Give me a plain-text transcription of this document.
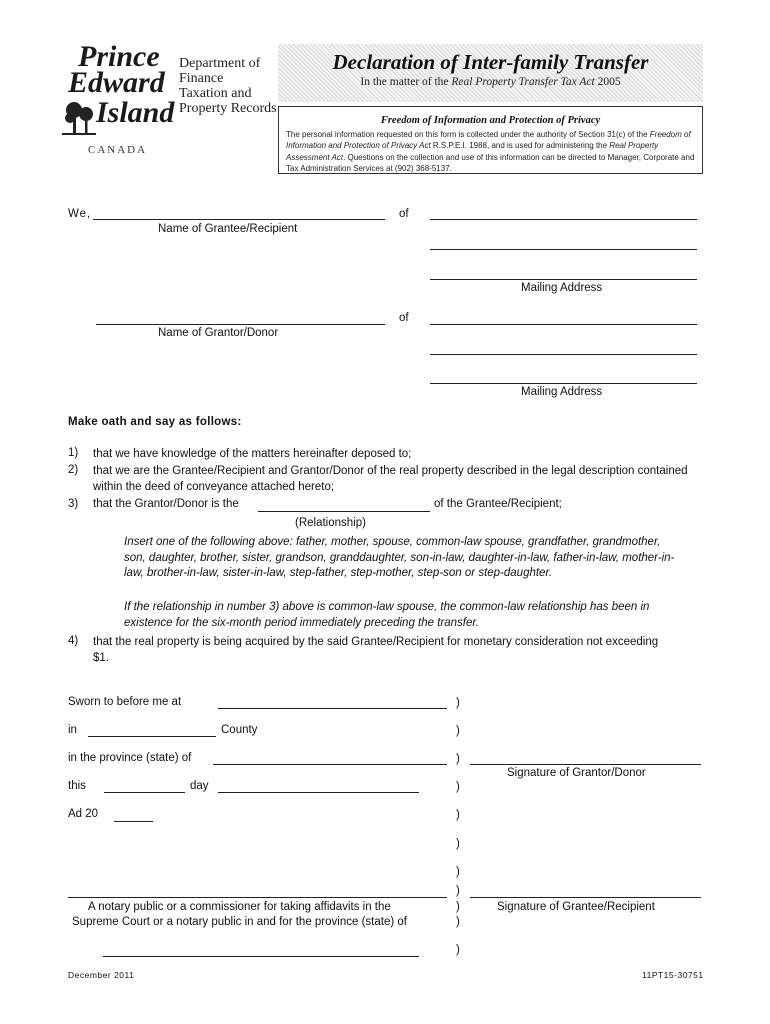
Prince
Edward
Island
CANADA
Department of
Finance
Taxation and
Property Records
Declaration of Inter-family Transfer
In the matter of the Real Property Transfer Tax Act 2005
Freedom of Information and Protection of Privacy
The personal information requested on this form is collected under the authority of Section 31(c) of the Freedom of Information and Protection of Privacy Act R.S.P.E.I. 1988, and is used for administering the Real Property Assessment Act. Questions on the collection and use of this information can be directed to Manager, Corporate and Tax Administration Services at (902) 368-5137.
We,	of
Name of Grantee/Recipient
Mailing Address
of
Name of Grantor/Donor
Mailing Address
Make oath and say as follows:
1) that we have knowledge of the matters hereinafter deposed to;
2) that we are the Grantee/Recipient and Grantor/Donor of the real property described in the legal description contained within the deed of conveyance attached hereto;
3) that the Grantor/Donor is the	of the Grantee/Recipient;
(Relationship)
Insert one of the following above: father, mother, spouse, common-law spouse, grandfather, grandmother, son, daughter, brother, sister, grandson, granddaughter, son-in-law, daughter-in-law, father-in-law, mother-in-law, brother-in-law, sister-in-law, step-father, step-mother, step-son or step-daughter.
If the relationship in number 3) above is common-law spouse, the common-law relationship has been in existence for the six-month period immediately preceding the transfer.
4) that the real property is being acquired by the said Grantee/Recipient for monetary consideration not exceeding $1.
Sworn to before me at	)
in	County	)
in the province (state) of	)
Signature of Grantor/Donor
this	day	)
Ad 20	)
)
)
)
Signature of Grantee/Recipient
A notary public or a commissioner for taking affidavits in the	)
Supreme Court or a notary public in and for the province (state) of	)
)
December 2011	11PT15-30751
